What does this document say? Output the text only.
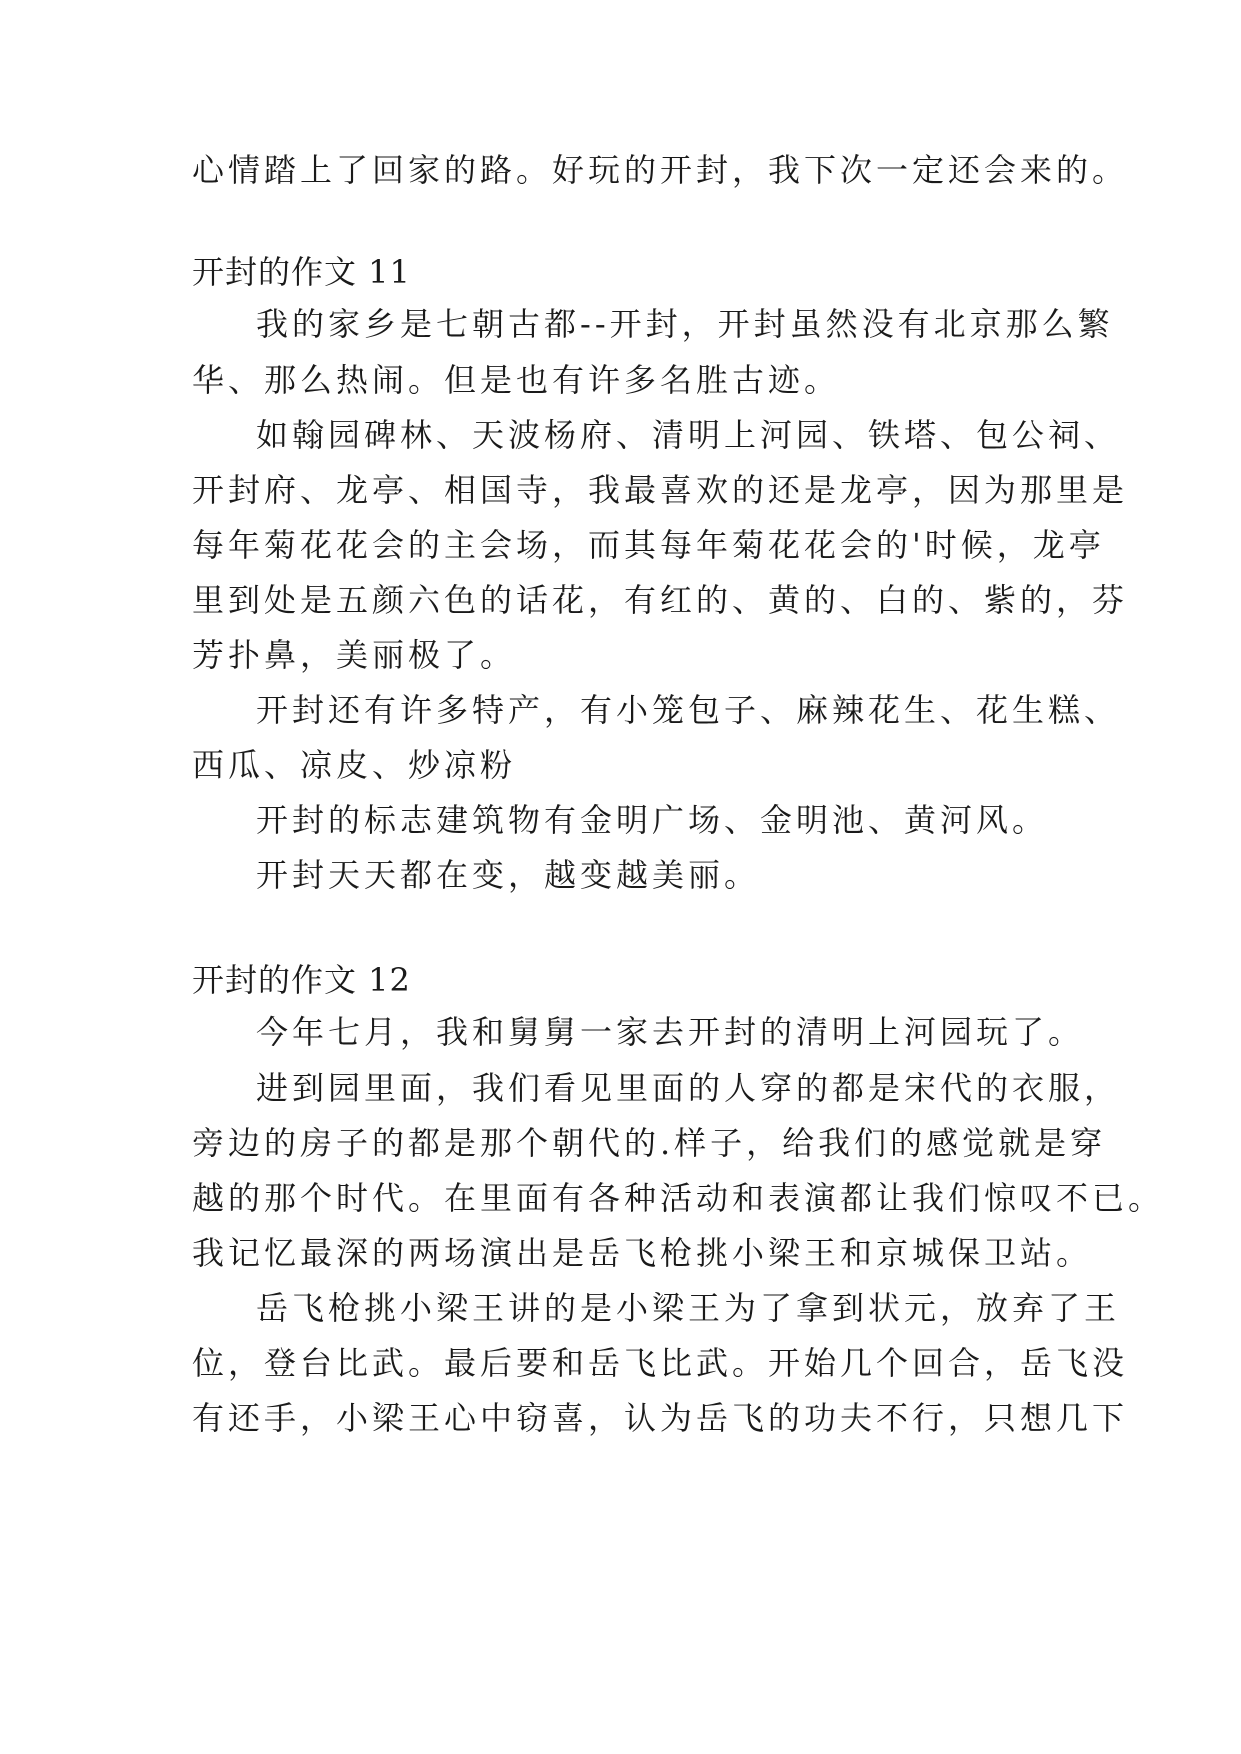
心情踏上了回家的路。好玩的开封，我下次一定还会来的。

开封的作文 11

我的家乡是七朝古都--开封，开封虽然没有北京那么繁

华、那么热闹。但是也有许多名胜古迹。

如翰园碑林、天波杨府、清明上河园、铁塔、包公祠、

开封府、龙亭、相国寺，我最喜欢的还是龙亭，因为那里是

每年菊花花会的主会场，而其每年菊花花会的'时候，龙亭

里到处是五颜六色的话花，有红的、黄的、白的、紫的，芬

芳扑鼻，美丽极了。

开封还有许多特产，有小笼包子、麻辣花生、花生糕、

西瓜、凉皮、炒凉粉

开封的标志建筑物有金明广场、金明池、黄河风。

开封天天都在变，越变越美丽。

开封的作文 12

今年七月，我和舅舅一家去开封的清明上河园玩了。

进到园里面，我们看见里面的人穿的都是宋代的衣服，

旁边的房子的都是那个朝代的.样子，给我们的感觉就是穿

越的那个时代。在里面有各种活动和表演都让我们惊叹不已。

我记忆最深的两场演出是岳飞枪挑小梁王和京城保卫站。

岳飞枪挑小梁王讲的是小梁王为了拿到状元，放弃了王

位，登台比武。最后要和岳飞比武。开始几个回合，岳飞没

有还手，小梁王心中窃喜，认为岳飞的功夫不行，只想几下
